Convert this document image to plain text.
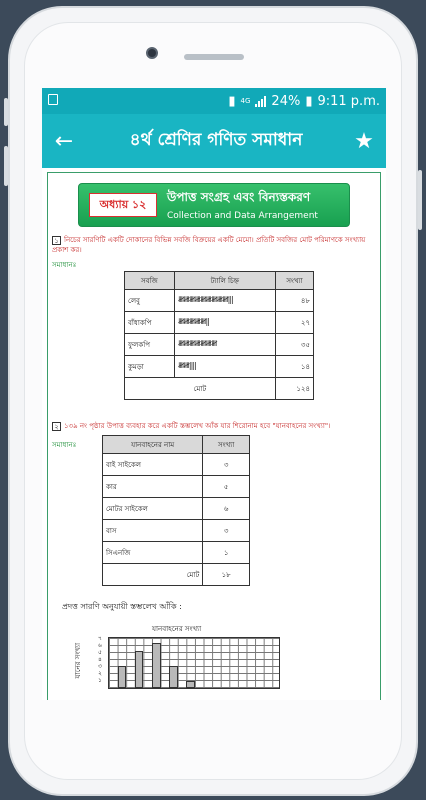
▮ 4G 24% ▮ 9:11 p.m.
←	৪র্থ শ্রেণির গণিত সমাধান	★
অধ্যায় ১২	উপাত্ত সংগ্রহ এবং বিন্যস্তকরণ
Collection and Data Arrangement
১ নিচের সারণিটি একটি দোকানের বিভিন্ন সবজি বিক্রয়ের একটি মেমো। প্রতিটি সবজির মোট পরিমাণকে সংখ্যায় প্রকাশ কর।
সমাধানঃ
সবজি	ট্যালি চিহ্ন	সংখ্যা
লেবু	𝍸𝍸𝍸𝍸𝍸𝍸𝍸𝍸𝍸|||	৪৮
বাঁধাকপি	𝍸𝍸𝍸𝍸𝍸||	২৭
ফুলকপি	𝍸𝍸𝍸𝍸𝍸𝍸𝍸	৩৫
কুমড়া	𝍸𝍸||||	১৪
মোট		১২৪
২ ১৩৯ নং পৃষ্ঠার উপাত্ত ব্যবহার করে একটি স্তম্ভলেখ আঁক যার শিরোনাম হবে "যানবাহনের সংখ্যা"।
সমাধানঃ	যানবাহনের নাম	সংখ্যা
বাই সাইকেল	৩
কার	৫
মোটর সাইকেল	৬
বাস	৩
সিএনজি	১
মোট	১৮
প্রদত্ত সারণি অনুযায়ী স্তম্ভলেখ আঁকি :
যানবাহনের সংখ্যা
যানের সংখ্যা
৭
৬
৫
৪
৩
২
১
